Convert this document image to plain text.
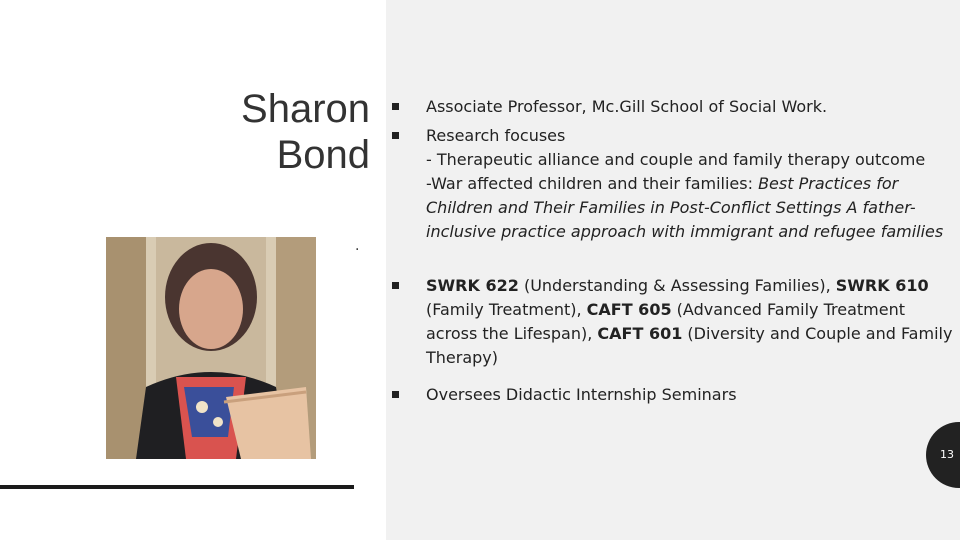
Sharon
Bond
.
Associate Professor, Mc.Gill School of Social Work.
Research focuses
- Therapeutic alliance and couple and family therapy outcome
-War affected children and their families: Best Practices for Children and Their Families in Post-Conflict Settings A father-inclusive practice approach with immigrant and refugee families
SWRK 622 (Understanding & Assessing Families), SWRK 610 (Family Treatment), CAFT 605 (Advanced Family Treatment across the Lifespan), CAFT 601 (Diversity and Couple and Family Therapy)
Oversees Didactic Internship Seminars
13
